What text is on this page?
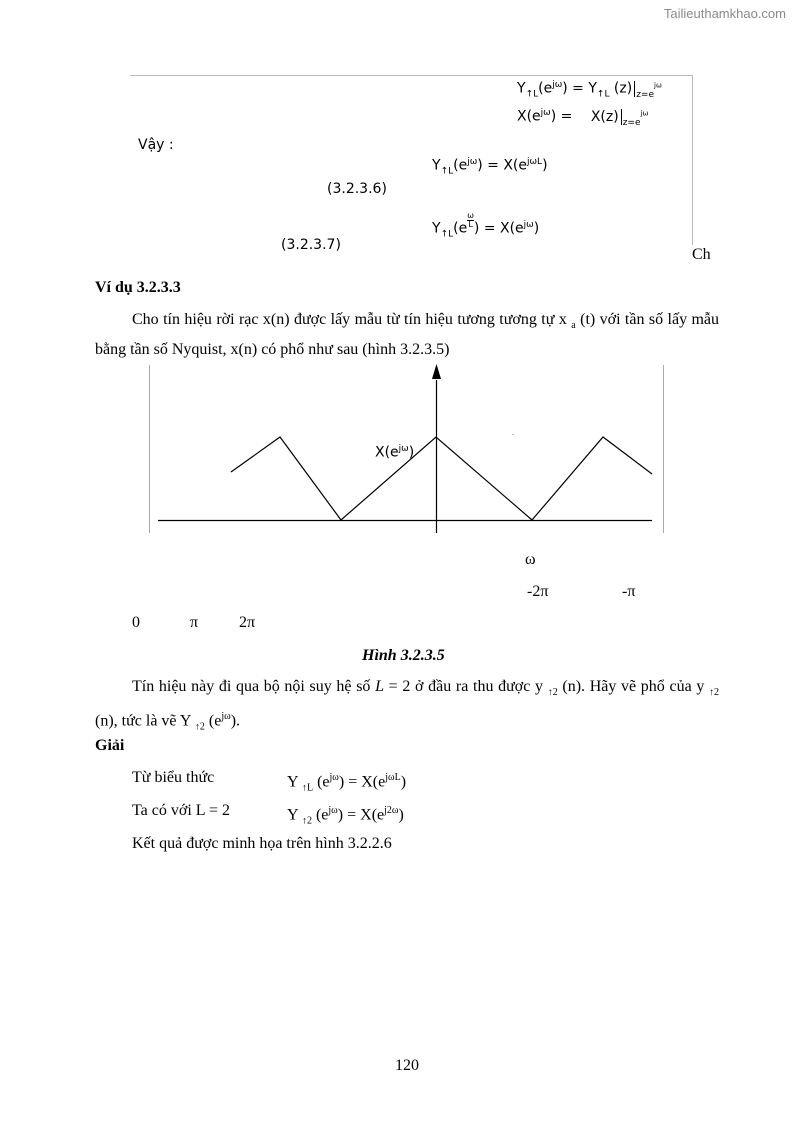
Tailieuthamkhao.com
$Y_{↑L}(e^{j\omega}) = Y_{↑L}$ (z) $_{z=e}^{j\omega}$
$X(e^{j\omega}) = X(z)$ $_{z=e}^{j\omega}$
Vậy :
$Y_{↑L}(e^{j\omega}) = X(e^{j\omega L})$
(3.2.3.6)
$Y_{↑L}(e \frac{\omega}{L}$ ) = $X(e^{j\omega})$
(3.2.3.7)
Ch
Ví dụ 3.2.3.3
Cho tín hiệu rời rạc x(n) được lấy mẫu từ tín hiệu tương tương tự x $_a$ (t) với tần số lấy mẫu bằng tần số Nyquist, x(n) có phổ như sau (hình 3.2.3.5)
.
$X(e^{j\omega})$
ω
-2π	-π
0	π	2π
Hình 3.2.3.5
Tín hiệu này đi qua bộ nội suy hệ số L = 2 ở đầu ra thu được y $_{↑2}$ (n). Hãy vẽ phổ của y $_{↑2}$ (n), tức là vẽ Y $_{↑2}$ $(e^{j\omega})$.
Giải
Từ biểu thức	Y $_{↑L}$ $(e^{j\omega}) = X(e^{j\omega L})$
Ta có với L = 2	Y $_{↑2}$ $(e^{j\omega}) = X(e^{j2\omega})$
Kết quả được minh họa trên hình 3.2.2.6
120
